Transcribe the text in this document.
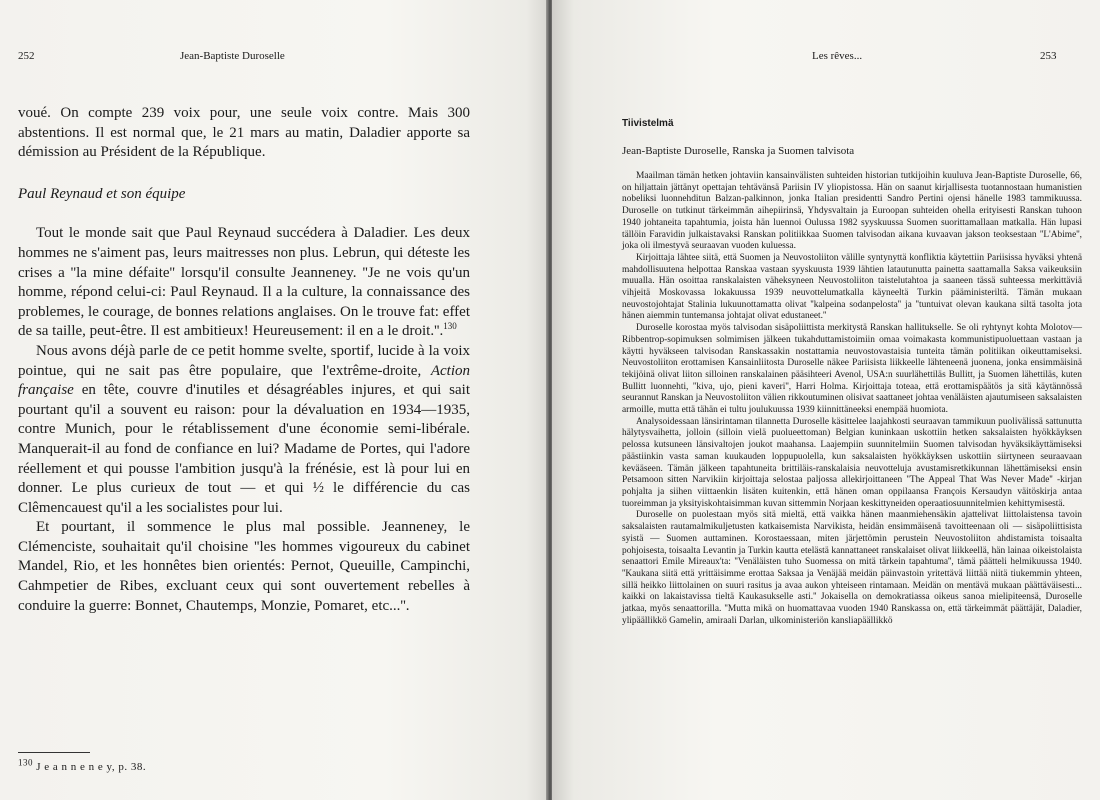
252	Jean-Baptiste Duroselle

voué. On compte 239 voix pour, une seule voix contre. Mais 300 abstentions. Il est normal que, le 21 mars au matin, Daladier apporte sa démission au Président de la République.

Paul Reynaud et son équipe

Tout le monde sait que Paul Reynaud succédera à Daladier. Les deux hommes ne s'aiment pas, leurs maitresses non plus. Lebrun, qui déteste les crises a ''la mine défaite'' lorsqu'il consulte Jeanneney. ''Je ne vois qu'un homme, répond celui-ci: Paul Reynaud. Il a la culture, la connaissance des problemes, le courage, de bonnes relations anglaises. On le trouve fat: effet de sa taille, peut-être. Il est ambitieux! Heureusement: il en a le droit.''.$^{130}$

Nous avons déjà parle de ce petit homme svelte, sportif, lucide à la voix pointue, qui ne sait pas être populaire, que l'extrême-droite, Action française en tête, couvre d'inutiles et désagréables injures, et qui sait pourtant qu'il a souvent eu raison: pour la dévaluation en 1934—1935, contre Munich, pour le rétablissement d'une économie semi-libérale. Manquerait-il au fond de confiance en lui? Madame de Portes, qui l'adore réellement et qui pousse l'ambition jusqu'à la frénésie, est là pour lui en donner. Le plus curieux de tout — et qui ½ le différencie du cas Clêmencauest qu'il a les socialistes pour lui.

Et pourtant, il sommence le plus mal possible. Jeanneney, le Clémenciste, souhaitait qu'il choisine ''les hommes vigoureux du cabinet Mandel, Rio, et les honnêtes bien orientés: Pernot, Queuille, Campinchi, Cahmpetier de Ribes, excluant ceux qui sont ouvertement rebelles à conduire la guerre: Bonnet, Chautemps, Monzie, Pomaret, etc...''.

$^{130}$ J e a n n e n e y, p. 38.
Les rêves...	253

Tiivistelmä

Jean-Baptiste Duroselle, Ranska ja Suomen talvisota

Maailman tämän hetken johtaviin kansainvälisten suhteiden historian tutkijoihin kuuluva Jean-Baptiste Duroselle, 66, on hiljattain jättänyt opettajan tehtävänsä Pariisin IV yliopistossa. Hän on saanut kirjallisesta tuotannostaan humanistien nobeliksi luonnehditun Balzan-palkinnon, jonka Italian presidentti Sandro Pertini ojensi hänelle 1983 tammikuussa. Duroselle on tutkinut tärkeimmän aihepiirinsä, Yhdysvaltain ja Euroopan suhteiden ohella erityisesti Ranskan tuhoon 1940 johtaneita tapahtumia, joista hän luennoi Oulussa 1982 syyskuussa Suomen suorittamallaan matkalla. Hän lupasi tällöin Faravidin julkaistavaksi Ranskan politiikkaa Suomen talvisodan aikana kuvaavan jakson teoksestaan ''L'Abime'', joka oli ilmestyvä seuraavan vuoden kuluessa.

Kirjoittaja lähtee siitä, että Suomen ja Neuvostoliiton välille syntynyttä konfliktia käytettiin Pariisissa hyväksi yhtenä mahdollisuutena helpottaa Ranskaa vastaan syyskuusta 1939 lähtien latautunutta painetta saattamalla Saksa vaikeuksiin muualla. Hän osoittaa ranskalaisten väheksyneen Neuvostoliiton taistelutahtoa ja saaneen tässä suhteessa merkittäviä vihjeitä Moskovassa lokakuussa 1939 neuvottelumatkalla käyneeltä Turkin pääministeriltä. Tämän mukaan neuvostojohtajat Stalinia lukuunottamatta olivat ''kalpeina sodanpelosta'' ja ''tuntuivat olevan kaukana siltä tasolta jota hänen aiemmin tuntemansa johtajat olivat edustaneet.''

Duroselle korostaa myös talvisodan sisäpoliittista merkitystä Ranskan hallitukselle. Se oli ryhtynyt kohta Molotov—Ribbentrop-sopimuksen solmimisen jälkeen tukahduttamistoimiin omaa voimakasta kommunistipuoluettaan vastaan ja käytti hyväkseen talvisodan Ranskassakin nostattamia neuvostovastaisia tunteita tämän politiikan oikeuttamiseksi. Neuvostoliiton erottamisen Kansainliitosta Duroselle näkee Pariisista liikkeelle lähteneenä juonena, jonka ensimmäisinä tekijöinä olivat liiton silloinen ranskalainen pääsihteeri Avenol, USA:n suurlähettiläs Bullitt, ja Suomen lähettiläs, kuten Bullitt luonnehti, ''kiva, ujo, pieni kaveri'', Harri Holma. Kirjoittaja toteaa, että erottamispäätös ja sitä käytännössä seurannut Ranskan ja Neuvostoliiton välien rikkoutuminen olisivat saattaneet johtaa venäläisten ajautumiseen saksalaisten armoille, mutta että tähän ei tultu joulukuussa 1939 kiinnittäneeksi enempää huomiota.

Analysoidessaan länsirintaman tilannetta Duroselle käsittelee laajahkosti seuraavan tammikuun puolivälissä sattunutta hälytysvaihetta, jolloin (silloin vielä puolueettoman) Belgian kuninkaan uskottiin hetken saksalaisten hyökkäyksen pelossa kutsuneen länsivaltojen joukot maahansa. Laajempiin suunnitelmiin Suomen talvisodan hyväksikäyttämiseksi päästiinkin vasta saman kuukauden loppupuolella, kun saksalaisten hyökkäyksen uskottiin siirtyneen seuraavaan kevääseen. Tämän jälkeen tapahtuneita brittiläis-ranskalaisia neuvotteluja avustamisretkikunnan lähettämiseksi ensin Petsamoon sitten Narvikiin kirjoittaja selostaa paljossa allekirjoittaneen ''The Appeal That Was Never Made'' -kirjan pohjalta ja siihen viittaenkin lisäten kuitenkin, että hänen oman oppilaansa François Kersaudyn väitöskirja antaa tuoreimman ja yksityiskohtaisimman kuvan sittemmin Norjaan keskittyneiden operaatiosuunnitelmien kehittymisestä.

Duroselle on puolestaan myös sitä mieltä, että vaikka hänen maanmiehensäkin ajattelivat liittolaistensa tavoin saksalaisten rautamalmikuljetusten katkaisemista Narvikista, heidän ensimmäisenä tavoitteenaan oli — sisäpoliittisista syistä — Suomen auttaminen. Korostaessaan, miten järjettömin perustein Neuvostoliiton ahdistamista toisaalta pohjoisesta, toisaalta Levantin ja Turkin kautta etelästä kannattaneet ranskalaiset olivat liikkeellä, hän lainaa oikeistolaista senaattori Emile Mireaux'ta: ''Venäläisten tuho Suomessa on mitä tärkein tapahtuma'', tämä päätteli helmikuussa 1940. ''Kaukana siitä että yrittäisimme erottaa Saksaa ja Venäjää meidän päinvastoin yritettävä liittää niitä tiukemmin yhteen, sillä heikko liittolainen on suuri rasitus ja avaa aukon yhteiseen rintamaan. Meidän on mentävä mukaan päättäväisesti... kaikki on lakaistavissa tieltä Kaukasukselle asti.'' Jokaisella on demokratiassa oikeus sanoa mielipiteensä, Duroselle jatkaa, myös senaattorilla. ''Mutta mikä on huomattavaa vuoden 1940 Ranskassa on, että tärkeimmät päättäjät, Daladier, ylipäällikkö Gamelin, amiraali Darlan, ulkoministeriön kansliapäällikkö
